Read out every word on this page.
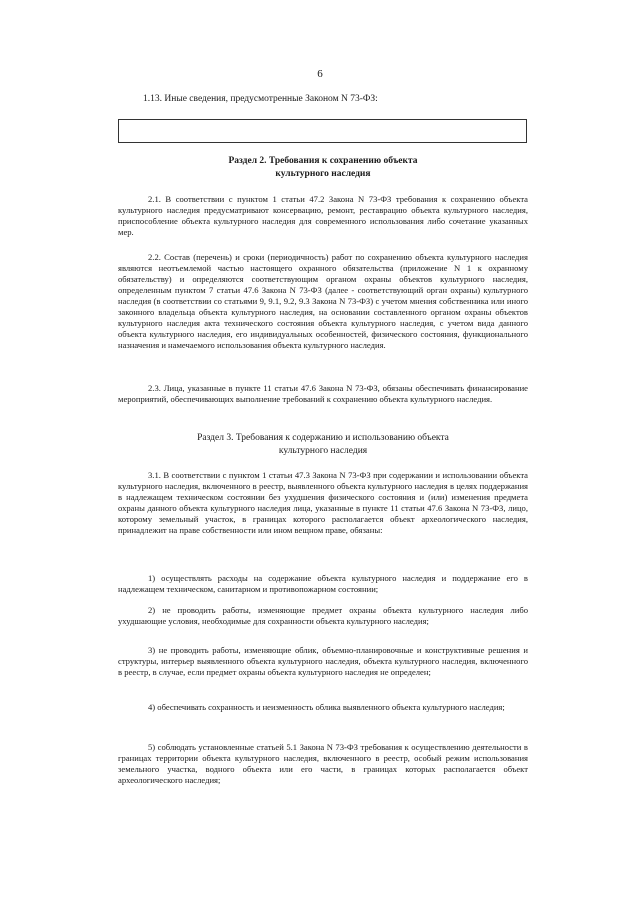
6
1.13. Иные сведения, предусмотренные Законом N 73-ФЗ:
Раздел 2. Требования к сохранению объекта
культурного наследия

2.1. В соответствии с пунктом 1 статьи 47.2 Закона N 73-ФЗ требования к сохранению объекта культурного наследия предусматривают консервацию, ремонт, реставрацию объекта культурного наследия, приспособление объекта культурного наследия для современного использования либо сочетание указанных мер.

2.2. Состав (перечень) и сроки (периодичность) работ по сохранению объекта культурного наследия являются неотъемлемой частью настоящего охранного обязательства (приложение N 1 к охранному обязательству) и определяются соответствующим органом охраны объектов культурного наследия, определенным пунктом 7 статьи 47.6 Закона N 73-ФЗ (далее - соответствующий орган охраны) культурного наследия (в соответствии со статьями 9, 9.1, 9.2, 9.3 Закона N 73-ФЗ) с учетом мнения собственника или иного законного владельца объекта культурного наследия, на основании составленного органом охраны объектов культурного наследия акта технического состояния объекта культурного наследия, с учетом вида данного объекта культурного наследия, его индивидуальных особенностей, физического состояния, функционального назначения и намечаемого использования объекта культурного наследия.

2.3. Лица, указанные в пункте 11 статьи 47.6 Закона N 73-ФЗ, обязаны обеспечивать финансирование мероприятий, обеспечивающих выполнение требований к сохранению объекта культурного наследия.

Раздел 3. Требования к содержанию и использованию объекта
культурного наследия

3.1. В соответствии с пунктом 1 статьи 47.3 Закона N 73-ФЗ при содержании и использовании объекта культурного наследия, включенного в реестр, выявленного объекта культурного наследия в целях поддержания в надлежащем техническом состоянии без ухудшения физического состояния и (или) изменения предмета охраны данного объекта культурного наследия лица, указанные в пункте 11 статьи 47.6 Закона N 73-ФЗ, лицо, которому земельный участок, в границах которого располагается объект археологического наследия, принадлежит на праве собственности или ином вещном праве, обязаны:

1) осуществлять расходы на содержание объекта культурного наследия и поддержание его в надлежащем техническом, санитарном и противопожарном состоянии;

2) не проводить работы, изменяющие предмет охраны объекта культурного наследия либо ухудшающие условия, необходимые для сохранности объекта культурного наследия;

3) не проводить работы, изменяющие облик, объемно-планировочные и конструктивные решения и структуры, интерьер выявленного объекта культурного наследия, объекта культурного наследия, включенного в реестр, в случае, если предмет охраны объекта культурного наследия не определен;

4) обеспечивать сохранность и неизменность облика выявленного объекта культурного наследия;

5) соблюдать установленные статьей 5.1 Закона N 73-ФЗ требования к осуществлению деятельности в границах территории объекта культурного наследия, включенного в реестр, особый режим использования земельного участка, водного объекта или его части, в границах которых располагается объект археологического наследия;
